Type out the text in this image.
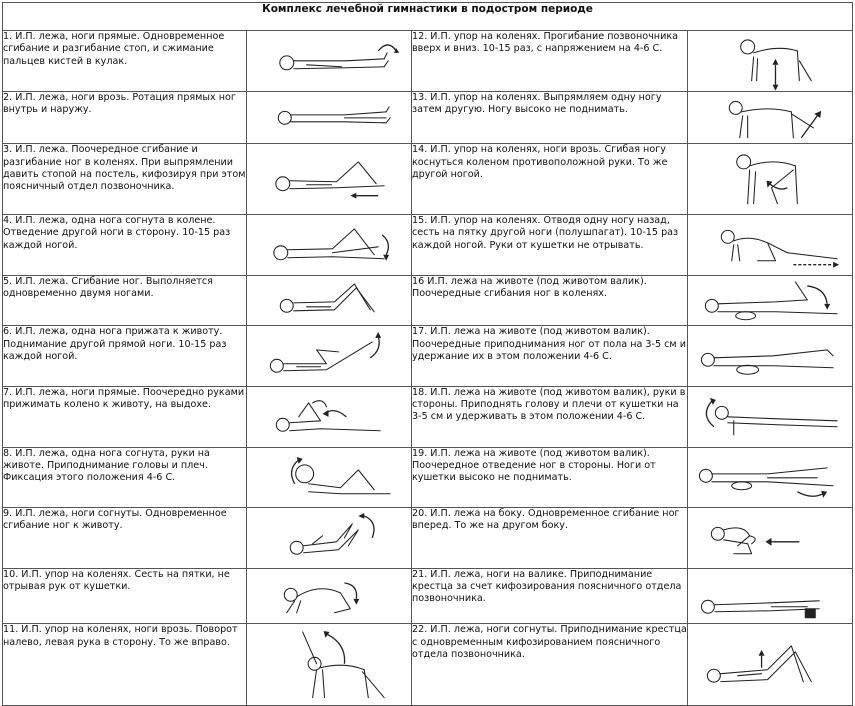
Комплекс лечебной гимнастики в подостром периоде			
1. И.П. лежа, ноги прямые. Одновременное сгибание и разгибание стоп, и сжимание пальцев кистей в кулак.		12. И.П. упор на коленях. Прогибание позвоночника вверх и вниз. 10-15 раз, с напряжением на 4-6 С.	

2. И.П. лежа, ноги врозь. Ротация прямых ног внутрь и наружу.		13. И.П. упор на коленях. Выпрямляем одну ногу затем другую. Ногу высоко не поднимать.	

3. И.П. лежа. Поочередное сгибание и разгибание ног в коленях. При выпрямлении давить стопой на постель, кифозируя при этом поясничный отдел позвоночника.		14. И.П. упор на коленях, ноги врозь. Сгибая ногу коснуться коленом противоположной руки. То же другой ногой.	

4. И.П. лежа, одна нога согнута в колене. Отведение другой ноги в сторону. 10-15 раз каждой ногой.		15. И.П. упор на коленях. Отводя одну ногу назад, сесть на пятку другой ноги (полушпагат). 10-15 раз каждой ногой. Руки от кушетки не отрывать.	

5. И.П. лежа. Сгибание ног. Выполняется одновременно двумя ногами.		16 И.П. лежа на животе (под животом валик). Поочередные сгибания ног в коленях.	

6. И.П. лежа, одна нога прижата к животу. Поднимание другой прямой ноги. 10-15 раз каждой ногой.		17. И.П. лежа на животе (под животом валик). Поочередные приподнимания ног от пола на 3-5 см и удержание их в этом положении 4-6 С.	

7. И.П. лежа, ноги прямые. Поочередно руками прижимать колено к животу, на выдохе.		18. И.П. лежа на животе (под животом валик), руки в стороны. Приподнять голову и плечи от кушетки на 3-5 см и удерживать в этом положении 4-6 С.	

8. И.П. лежа, одна нога согнута, руки на животе. Приподнимание головы и плеч. Фиксация этого положения 4-6 С.		19. И.П. лежа на животе (под животом валик). Поочередное отведение ног в стороны. Ноги от кушетки высоко не поднимать.	

9. И.П. лежа, ноги согнуты. Одновременное сгибание ног к животу.		20. И.П. лежа на боку. Одновременное сгибание ног вперед. То же на другом боку.	

10. И.П. упор на коленях. Сесть на пятки, не отрывая рук от кушетки.		21. И.П. лежа, ноги на валике. Приподнимание крестца за счет кифозирования поясничного отдела позвоночника.	

11. И.П. упор на коленях, ноги врозь. Поворот налево, левая рука в сторону. То же вправо.		22. И.П. лежа, ноги согнуты. Приподнимание крестца с одновременным кифозированием поясничного отдела позвоночника.	
